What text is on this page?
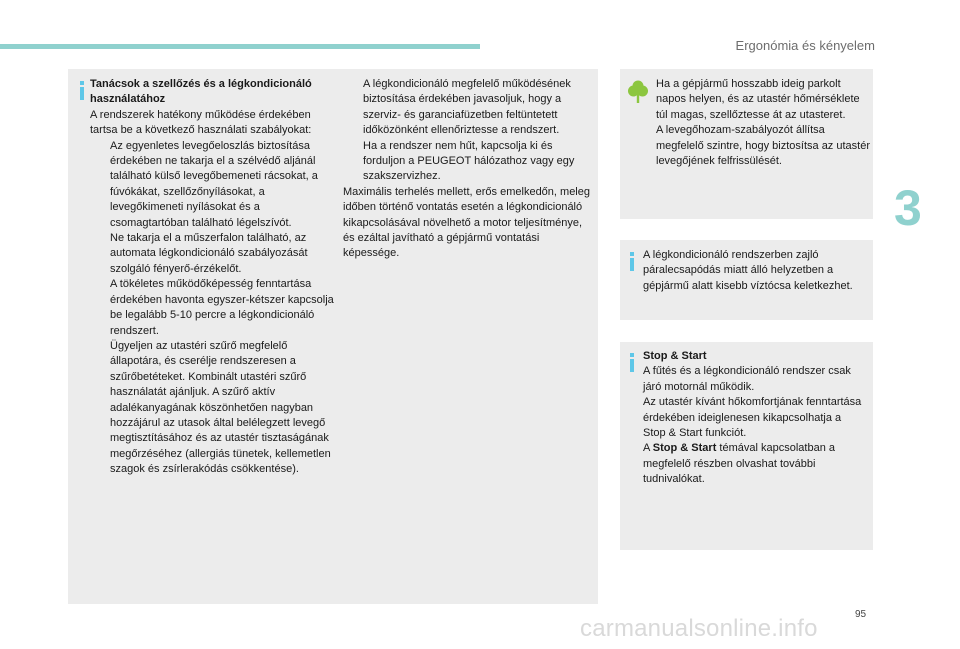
Ergonómia és kényelem
3

Tanácsok a szellőzés és a légkondicionáló használatához

A rendszerek hatékony működése érdekében tartsa be a következő használati szabályokat:

Az egyenletes levegőeloszlás biztosítása érdekében ne takarja el a szélvédő aljánál található külső levegőbemeneti rácsokat, a fúvókákat, szellőzőnyílásokat, a levegőkimeneti nyílásokat és a csomagtartóban található légelszívót.
Ne takarja el a műszerfalon található, az automata légkondicionáló szabályozását szolgáló fényerő-érzékelőt.
A tökéletes működőképesség fenntartása érdekében havonta egyszer-kétszer kapcsolja be legalább 5-10 percre a légkondicionáló rendszert.
Ügyeljen az utastéri szűrő megfelelő állapotára, és cserélje rendszeresen a szűrőbetéteket. Kombinált utastéri szűrő használatát ajánljuk. A szűrő aktív adalékanyagának köszönhetően nagyban hozzájárul az utasok által belélegzett levegő megtisztításához és az utastér tisztaságának megőrzéséhez (allergiás tünetek, kellemetlen szagok és zsírlerakódás csökkentése).
A légkondicionáló megfelelő működésének biztosítása érdekében javasoljuk, hogy a szerviz- és garanciafüzetben feltüntetett időközönként ellenőriztesse a rendszert.
Ha a rendszer nem hűt, kapcsolja ki és forduljon a PEUGEOT hálózathoz vagy egy szakszervizhez.

Maximális terhelés mellett, erős emelkedőn, meleg időben történő vontatás esetén a légkondicionáló kikapcsolásával növelhető a motor teljesítménye, és ezáltal javítható a gépjármű vontatási képessége.

Ha a gépjármű hosszabb ideig parkolt napos helyen, és az utastér hőmérséklete túl magas, szellőztesse át az utasteret.

A levegőhozam-szabályozót állítsa megfelelő szintre, hogy biztosítsa az utastér levegőjének felfrissülését.

A légkondicionáló rendszerben zajló páralecsapódás miatt álló helyzetben a gépjármű alatt kisebb víztócsa keletkezhet.

Stop & Start

A fűtés és a légkondicionáló rendszer csak járó motornál működik.

Az utastér kívánt hőkomfortjának fenntartása érdekében ideiglenesen kikapcsolhatja a Stop & Start funkciót.

A Stop & Start témával kapcsolatban a megfelelő részben olvashat további tudnivalókat.

95
carmanualsonline.info
